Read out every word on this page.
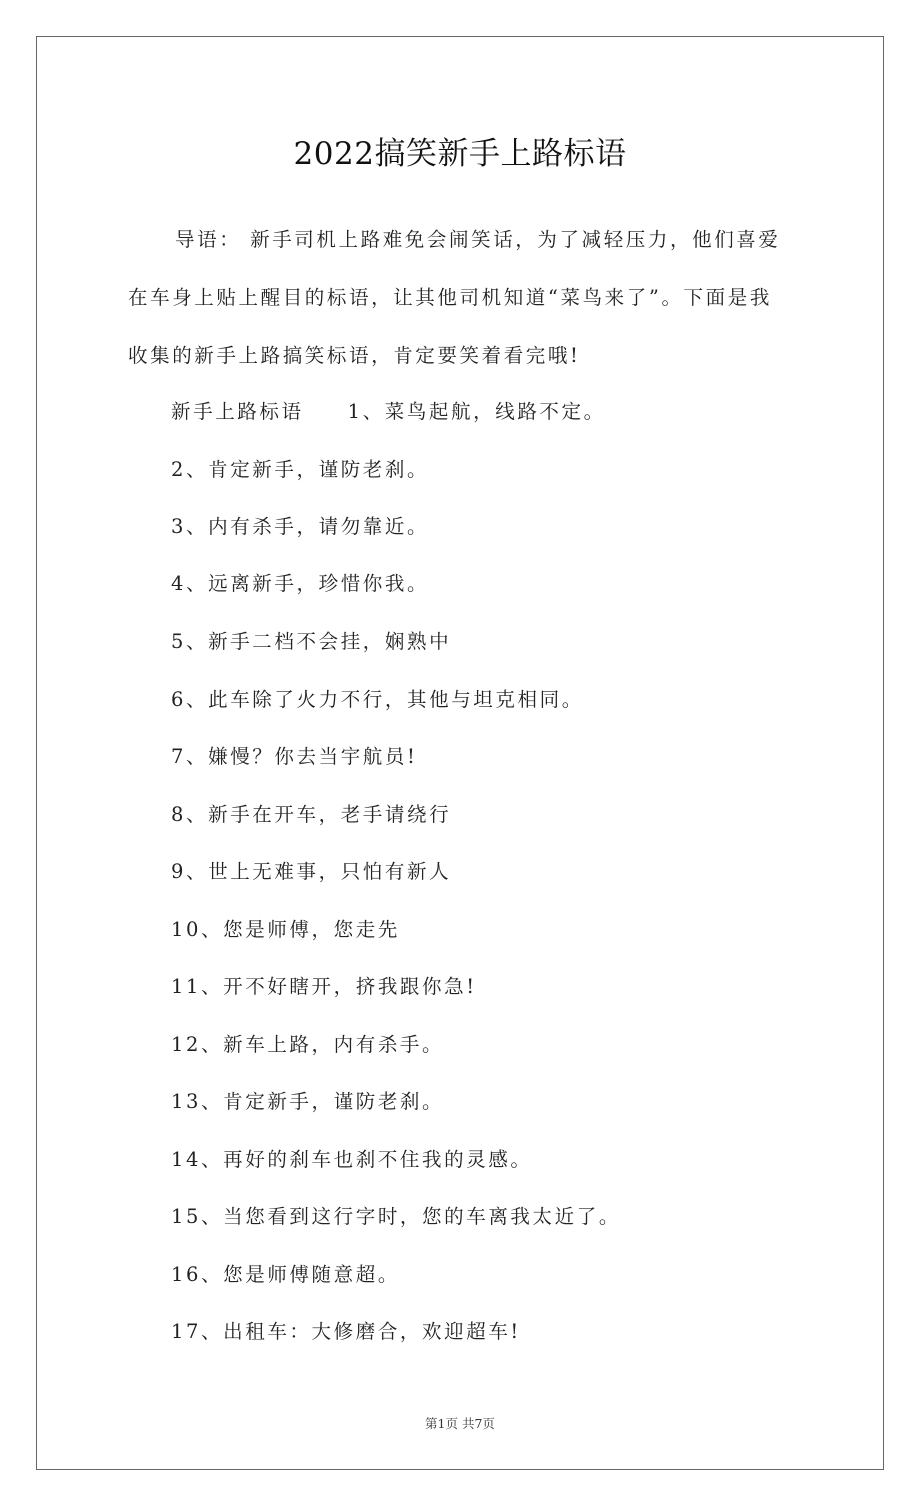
2022搞笑新手上路标语
导语： 新手司机上路难免会闹笑话，为了减轻压力，他们喜爱
在车身上贴上醒目的标语，让其他司机知道“菜鸟来了”。下面是我
收集的新手上路搞笑标语，肯定要笑着看完哦!
新手上路标语 1、菜鸟起航，线路不定。
2、肯定新手，谨防老刹。
3、内有杀手，请勿靠近。
4、远离新手，珍惜你我。
5、新手二档不会挂，娴熟中
6、此车除了火力不行，其他与坦克相同。
7、嫌慢？你去当宇航员!
8、新手在开车，老手请绕行
9、世上无难事，只怕有新人
10、您是师傅，您走先
11、开不好瞎开，挤我跟你急!
12、新车上路，内有杀手。
13、肯定新手，谨防老刹。
14、再好的刹车也刹不住我的灵感。
15、当您看到这行字时，您的车离我太近了。
16、您是师傅随意超。
17、出租车：大修磨合，欢迎超车!
第1页 共7页
